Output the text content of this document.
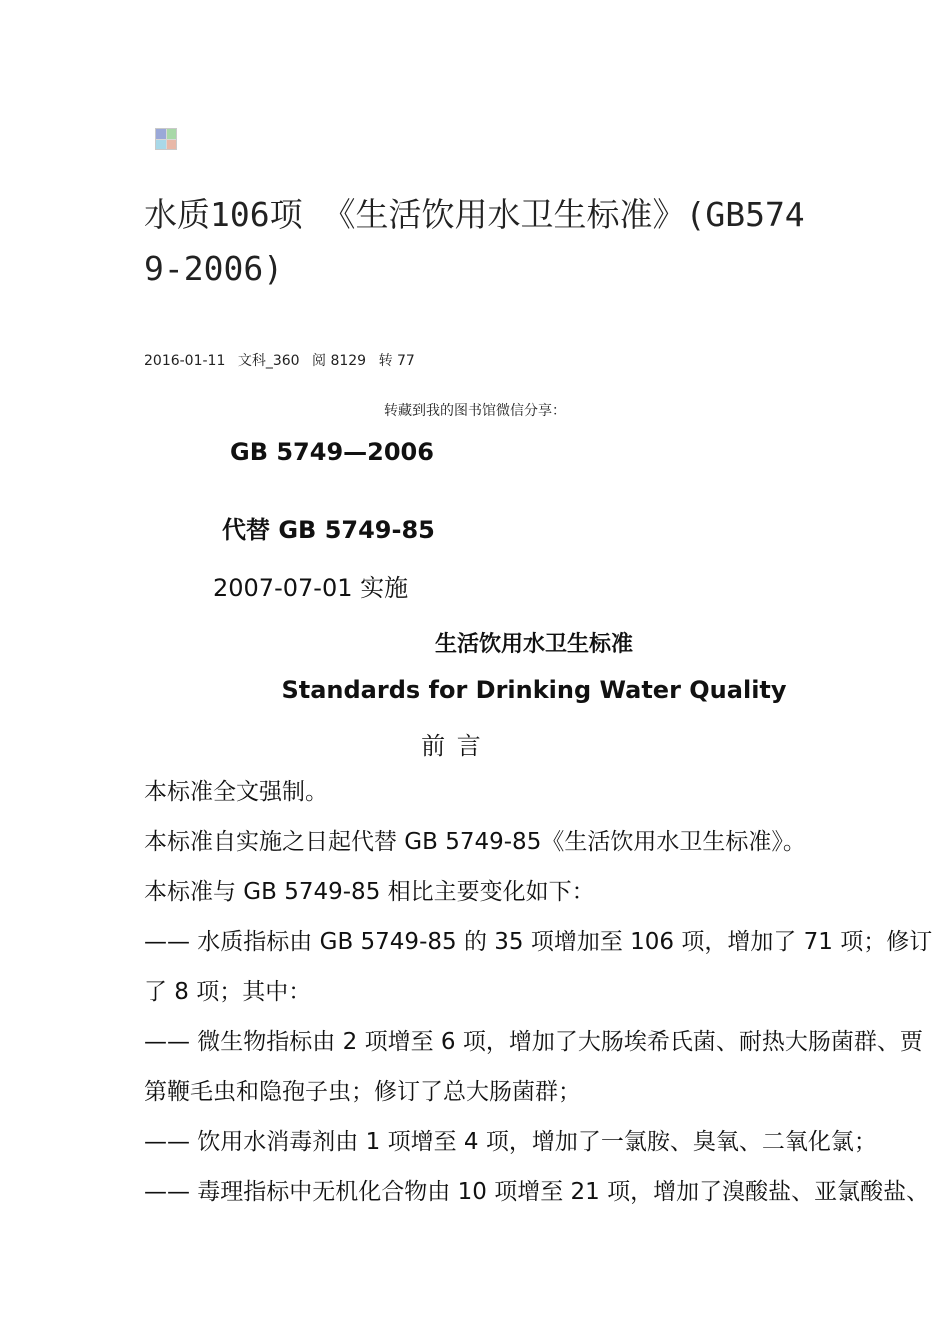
水质106项 《生活饮用水卫生标准》(GB5749-2006)
2016-01-11 文科_360 阅 8129 转 77
转藏到我的图书馆微信分享：
GB 5749—2006
代替 GB 5749-85
2007-07-01 实施
生活饮用水卫生标准
Standards for Drinking Water Quality
前 言
本标准全文强制。
本标准自实施之日起代替 GB 5749-85《生活饮用水卫生标准》。
本标准与 GB 5749-85 相比主要变化如下：
—— 水质指标由 GB 5749-85 的 35 项增加至 106 项，增加了 71 项；修订了 8 项；其中：
—— 微生物指标由 2 项增至 6 项，增加了大肠埃希氏菌、耐热大肠菌群、贾第鞭毛虫和隐孢子虫；修订了总大肠菌群；
—— 饮用水消毒剂由 1 项增至 4 项，增加了一氯胺、臭氧、二氧化氯；
—— 毒理指标中无机化合物由 10 项增至 21 项，增加了溴酸盐、亚氯酸盐、
